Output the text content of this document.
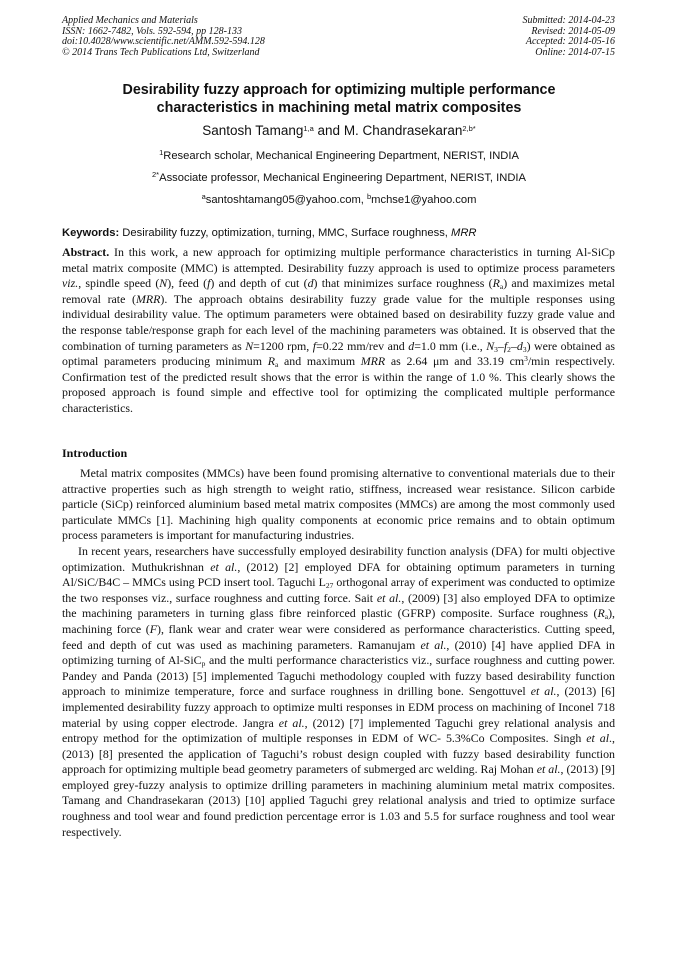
Applied Mechanics and Materials
ISSN: 1662-7482, Vols. 592-594, pp 128-133
doi:10.4028/www.scientific.net/AMM.592-594.128
© 2014 Trans Tech Publications Ltd, Switzerland
Submitted: 2014-04-23
Revised: 2014-05-09
Accepted: 2014-05-16
Online: 2014-07-15
Desirability fuzzy approach for optimizing multiple performance
characteristics in machining metal matrix composites
Santosh Tamang$^{1,a}$ and M. Chandrasekaran$^{2,b*}$
$^1$Research scholar, Mechanical Engineering Department, NERIST, INDIA
$^{2*}$Associate professor, Mechanical Engineering Department, NERIST, INDIA
$^a$santoshtamang05@yahoo.com, $^b$mchse1@yahoo.com
Keywords: Desirability fuzzy, optimization, turning, MMC, Surface roughness, MRR

Abstract. In this work, a new approach for optimizing multiple performance characteristics in turning Al-SiCp metal matrix composite (MMC) is attempted. Desirability fuzzy approach is used to optimize process parameters viz., spindle speed (N), feed (f) and depth of cut (d) that minimizes surface roughness $(R_a)$ and maximizes metal removal rate (MRR). The approach obtains desirability fuzzy grade value for the multiple responses using individual desirability value. The optimum parameters were obtained based on desirability fuzzy grade value and the response table/response graph for each level of the machining parameters was obtained. It is observed that the combination of turning parameters as N=1200 rpm, f=0.22 mm/rev and d=1.0 mm (i.e., $N_3-f_2-d_3$) were obtained as optimal parameters producing minimum $R_a$ and maximum MRR as 2.64 μm and 33.19 $cm^3/\min$ respectively. Confirmation test of the predicted result shows that the error is within the range of 1.0 %. This clearly shows the proposed approach is found simple and effective tool for optimizing the complicated multiple performance characteristics.

Introduction

Metal matrix composites (MMCs) have been found promising alternative to conventional materials due to their attractive properties such as high strength to weight ratio, stiffness, increased wear resistance. Silicon carbide particle (SiCp) reinforced aluminium based metal matrix composites (MMCs) are among the most commonly used particulate MMCs [1]. Machining high quality components at economic price remains and to obtain optimum process parameters is important for manufacturing industries.

In recent years, researchers have successfully employed desirability function analysis (DFA) for multi objective optimization. Muthukrishnan et al., (2012) [2] employed DFA for obtaining optimum parameters in turning Al/SiC/B4C – MMCs using PCD insert tool. Taguchi $L_{27}$ orthogonal array of experiment was conducted to optimize the two responses viz., surface roughness and cutting force. Sait et al., (2009) [3] also employed DFA to optimize the machining parameters in turning glass fibre reinforced plastic (GFRP) composite. Surface roughness $(R_a)$, machining force (F), flank wear and crater wear were considered as performance characteristics. Cutting speed, feed and depth of cut was used as machining parameters. Ramanujam et al., (2010) [4] have applied DFA in optimizing turning of Al-SiC$_p$ and the multi performance characteristics viz., surface roughness and cutting power. Pandey and Panda (2013) [5] implemented Taguchi methodology coupled with fuzzy based desirability function approach to minimize temperature, force and surface roughness in drilling bone. Sengottuvel et al., (2013) [6] implemented desirability fuzzy approach to optimize multi responses in EDM process on machining of Inconel 718 material by using copper electrode. Jangra et al., (2012) [7] implemented Taguchi grey relational analysis and entropy method for the optimization of multiple responses in EDM of WC- 5.3%Co Composites. Singh et al., (2013) [8] presented the application of Taguchi’s robust design coupled with fuzzy based desirability function approach for optimizing multiple bead geometry parameters of submerged arc welding. Raj Mohan et al., (2013) [9] employed grey-fuzzy analysis to optimize drilling parameters in machining aluminium metal matrix composites. Tamang and Chandrasekaran (2013) [10] applied Taguchi grey relational analysis and tried to optimize surface roughness and tool wear and found prediction percentage error is 1.03 and 5.5 for surface roughness and tool wear respectively.
